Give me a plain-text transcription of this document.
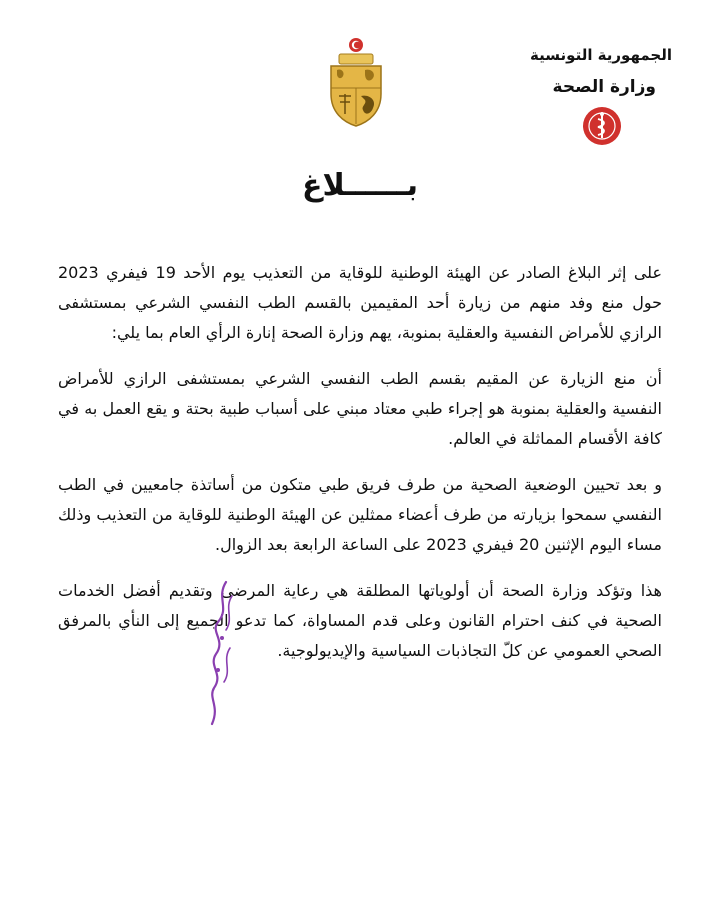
الجمهورية التونسية
وزارة الصحة
بــــــلاغ

على إثر البلاغ الصادر عن الهيئة الوطنية للوقاية من التعذيب يوم الأحد 19 فيفري 2023 حول منع وفد منهم من زيارة أحد المقيمين بالقسم الطب النفسي الشرعي بمستشفى الرازي للأمراض النفسية والعقلية بمنوبة، يهم وزارة الصحة إنارة الرأي العام بما يلي:

أن منع الزيارة عن المقيم بقسم الطب النفسي الشرعي بمستشفى الرازي للأمراض النفسية والعقلية بمنوبة هو إجراء طبي معتاد مبني على أسباب طبية بحتة و يقع العمل به في كافة الأقسام المماثلة في العالم.

و بعد تحيين الوضعية الصحية من طرف فريق طبي متكون من أساتذة جامعيين في الطب النفسي سمحوا بزيارته من طرف أعضاء ممثلين عن الهيئة الوطنية للوقاية من التعذيب وذلك مساء اليوم الإثنين 20 فيفري 2023 على الساعة الرابعة بعد الزوال.

هذا وتؤكد وزارة الصحة أن أولوياتها المطلقة هي رعاية المرضى وتقديم أفضل الخدمات الصحية في كنف احترام القانون وعلى قدم المساواة، كما تدعو الجميع إلى النأي بالمرفق الصحي العمومي عن كلّ التجاذبات السياسية والإيديولوجية.
